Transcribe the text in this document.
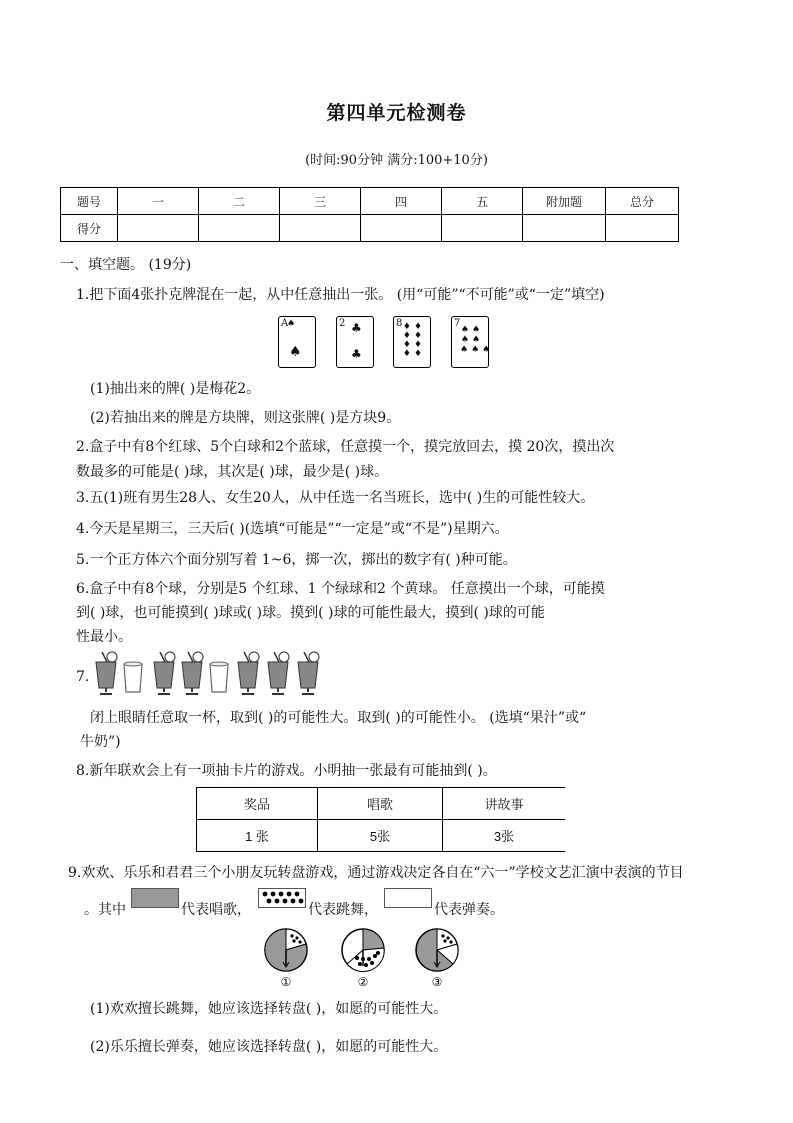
第四单元检测卷
(时间:90分钟 满分:100+10分)
题号	一	二	三	四	五	附加题	总分
得分							
一、填空题。 (19分)
1.把下面4张扑克牌混在一起，从中任意抽出一张。 (用“可能”“不可能”或“一定”填空)
A
♠
♠
2 ♣
♣
8 ♦♦ ♦♦ ♦♦ ♦♦
7
♠♠ ♠♠ ♠♠♠
(1)抽出来的牌( )是梅花2。
(2)若抽出来的牌是方块牌，则这张牌( )是方块9。
2.盒子中有8个红球、5个白球和2个蓝球，任意摸一个，摸完放回去，摸 20次，摸出次
数最多的可能是( )球，其次是( )球，最少是( )球。
3.五(1)班有男生28人、女生20人，从中任选一名当班长，选中( )生的可能性较大。
4.今天是星期三，三天后( )(选填“可能是”“一定是”或“不是”)星期六。
5.一个正方体六个面分别写着 1~6，掷一次，掷出的数字有( )种可能。
6.盒子中有8个球，分别是5 个红球、1 个绿球和2 个黄球。 任意摸出一个球，可能摸
到( )球，也可能摸到( )球或( )球。摸到( )球的可能性最大，摸到( )球的可能
性最小。
7.
闭上眼睛任意取一杯，取到( )的可能性大。取到( )的可能性小。 (选填“果汁”或“
牛奶”)
8.新年联欢会上有一项抽卡片的游戏。小明抽一张最有可能抽到( )。
奖品	唱歌	讲故事
1 张	5张	3张
9.欢欢、乐乐和君君三个小朋友玩转盘游戏，通过游戏决定各自在“六一”学校文艺汇演中表演的节目
。其中	代表唱歌，	代表跳舞，	代表弹奏。
①	②	③
(1)欢欢擅长跳舞，她应该选择转盘( )，如愿的可能性大。
(2)乐乐擅长弹奏，她应该选择转盘( )，如愿的可能性大。
